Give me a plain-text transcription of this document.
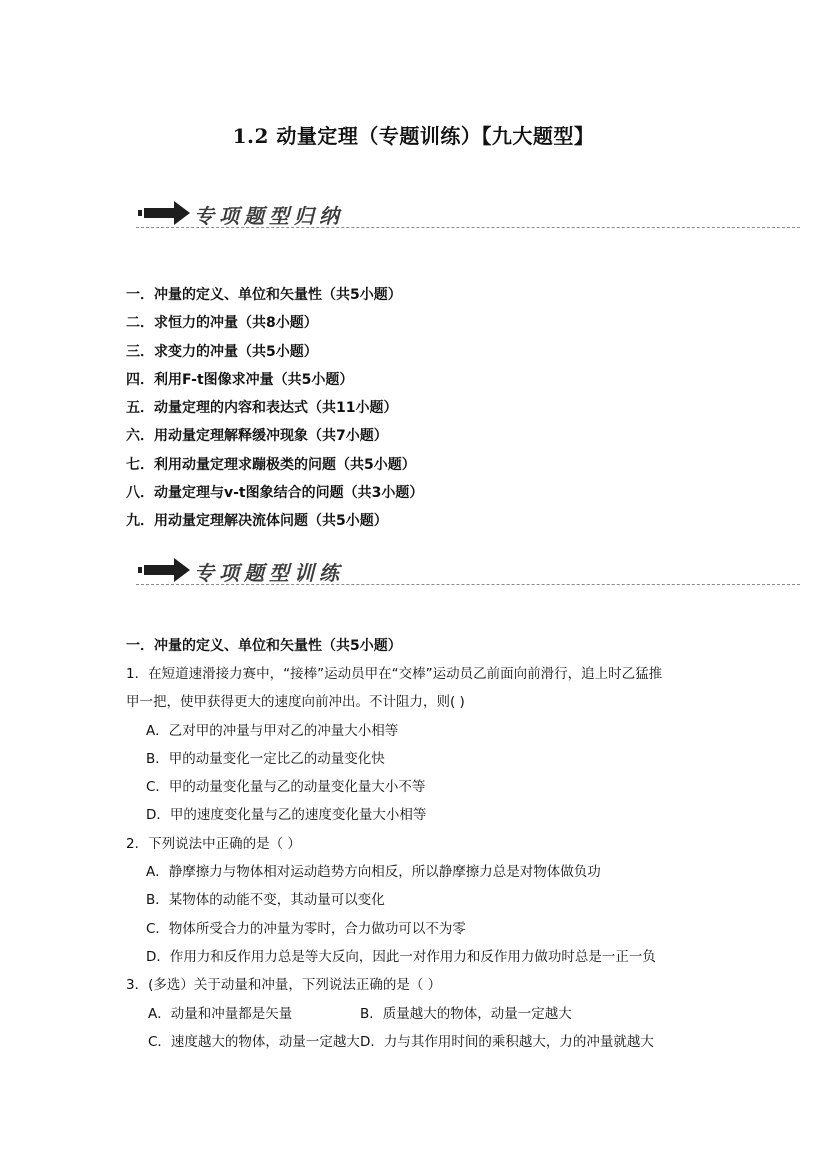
1.2 动量定理（专题训练）【九大题型】
专项题型归纳
一．冲量的定义、单位和矢量性（共5小题）
二．求恒力的冲量（共8小题）
三．求变力的冲量（共5小题）
四．利用F-t图像求冲量（共5小题）
五．动量定理的内容和表达式（共11小题）
六．用动量定理解释缓冲现象（共7小题）
七．利用动量定理求蹦极类的问题（共5小题）
八．动量定理与v-t图象结合的问题（共3小题）
九．用动量定理解决流体问题（共5小题）
专项题型训练
一．冲量的定义、单位和矢量性（共5小题）
1．在短道速滑接力赛中，“接棒”运动员甲在“交棒”运动员乙前面向前滑行，追上时乙猛推
甲一把，使甲获得更大的速度向前冲出。不计阻力，则( )
A．乙对甲的冲量与甲对乙的冲量大小相等
B．甲的动量变化一定比乙的动量变化快
C．甲的动量变化量与乙的动量变化量大小不等
D．甲的速度变化量与乙的速度变化量大小相等
2．下列说法中正确的是（ ）
A．静摩擦力与物体相对运动趋势方向相反，所以静摩擦力总是对物体做负功
B．某物体的动能不变，其动量可以变化
C．物体所受合力的冲量为零时，合力做功可以不为零
D．作用力和反作用力总是等大反向，因此一对作用力和反作用力做功时总是一正一负
3．(多选）关于动量和冲量，下列说法正确的是（ ）
A．动量和冲量都是矢量	B．质量越大的物体，动量一定越大
C．速度越大的物体，动量一定越大 D．力与其作用时间的乘积越大，力的冲量就越大
